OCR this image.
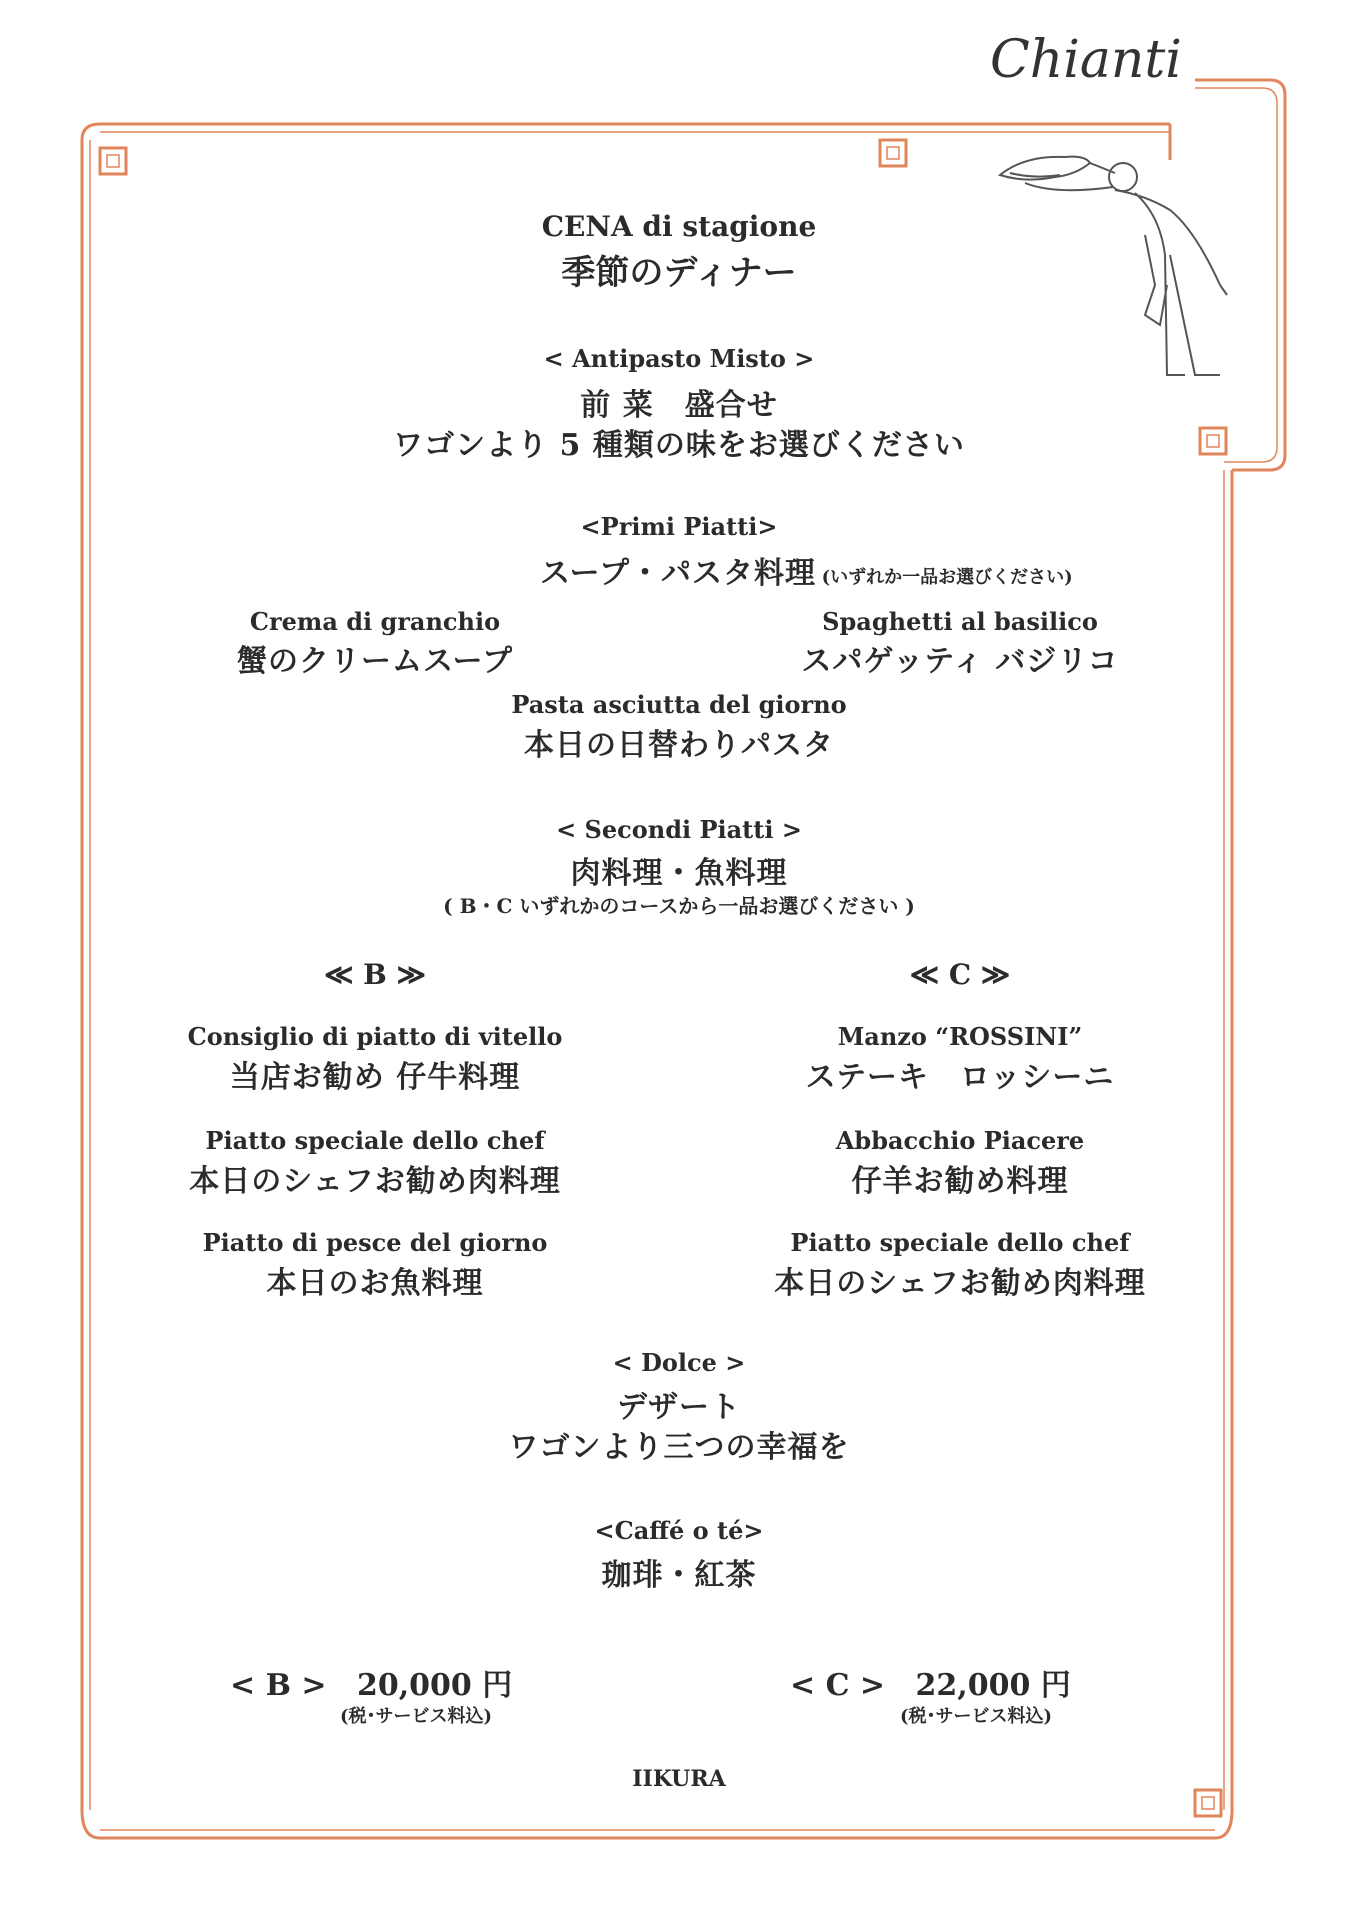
Chianti
CENA di stagione
季節のディナー
< Antipasto Misto >
前 菜　盛合せ
ワゴンより 5 種類の味をお選びください
<Primi Piatti>
スープ・パスタ料理 (いずれか一品お選びください)
Crema di granchio
蟹のクリームスープ
Spaghetti al basilico
スパゲッティ バジリコ
Pasta asciutta del giorno
本日の日替わりパスタ
< Secondi Piatti >
肉料理・魚料理
( B・C いずれかのコースから一品お選びください )
≪ B ≫	≪ C ≫
Consiglio di piatto di vitello
当店お勧め 仔牛料理
Piatto speciale dello chef
本日のシェフお勧め肉料理
Piatto di pesce del giorno
本日のお魚料理
Manzo “ROSSINI”
ステーキ　ロッシーニ
Abbacchio Piacere
仔羊お勧め料理
Piatto speciale dello chef
本日のシェフお勧め肉料理
< Dolce >
デザート
ワゴンより三つの幸福を
<Caffé o té>
珈琲・紅茶
< B > 20,000 円
(税･サービス料込)
< C > 22,000 円
(税･サービス料込)
IIKURA
